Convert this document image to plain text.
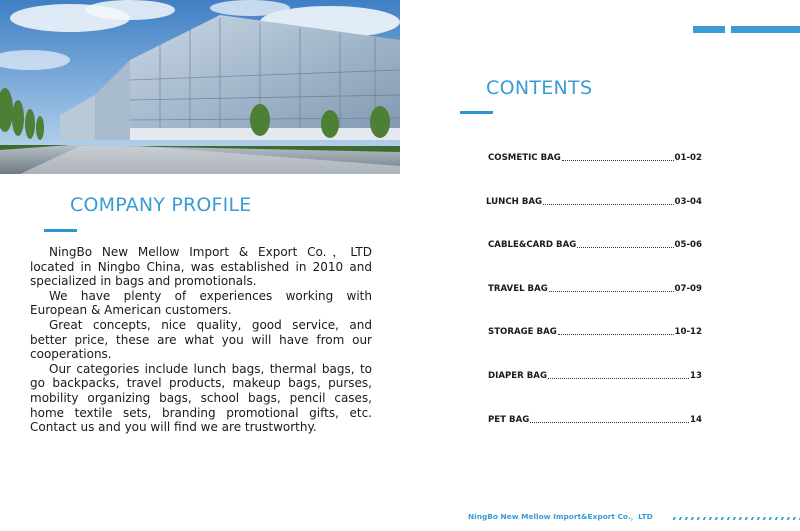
COMPANY PROFILE

NingBo New Mellow Import & Export Co.，LTD located in Ningbo China, was established in 2010 and specialized in bags and promotionals.

We have plenty of experiences working with European & American customers.

Great concepts, nice quality, good service, and better price, these are what you will have from our cooperations.

Our categories include lunch bags, thermal bags, to go backpacks, travel products, makeup bags, purses, mobility organizing bags, school bags, pencil cases, home textile sets, branding promotional gifts, etc. Contact us and you will find we are trustworthy.

CONTENTS
COSMETIC BAG	01-02
LUNCH BAG	03-04
CABLE&CARD BAG	05-06
TRAVEL BAG	07-09
STORAGE BAG	10-12
DIAPER BAG	13
PET BAG	14
NingBo New Mellow Import&Export Co.，LTD
